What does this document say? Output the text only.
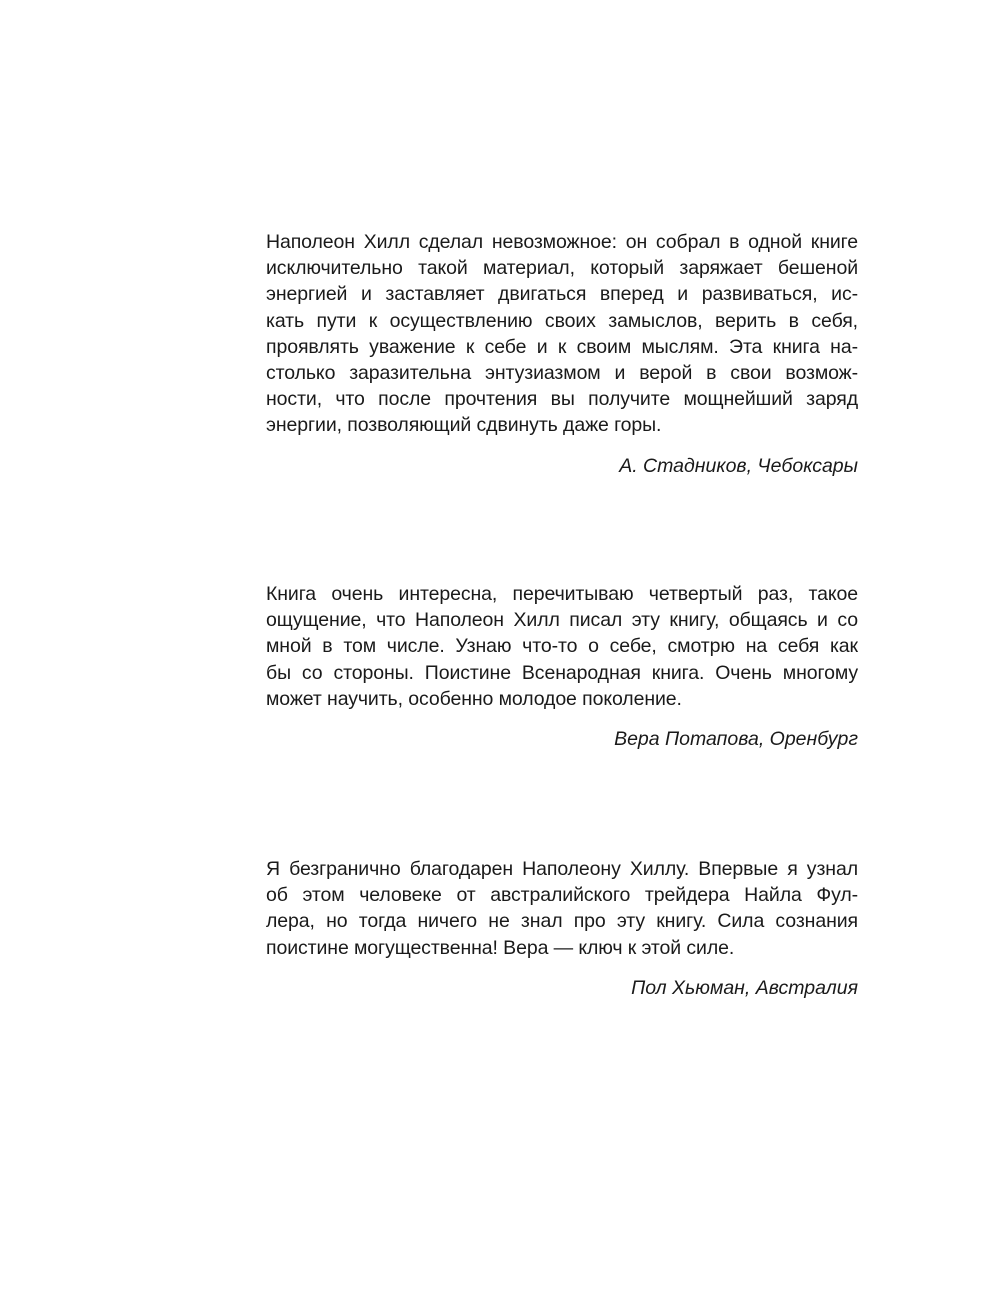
Наполеон Хилл сделал невозможное: он собрал в одной книге
исключительно такой материал, который заряжает бешеной
энергией и заставляет двигаться вперед и развиваться, ис-
кать пути к осуществлению своих замыслов, верить в себя,
проявлять уважение к себе и к своим мыслям. Эта книга на-
столько заразительна энтузиазмом и верой в свои возмож-
ности, что после прочтения вы получите мощнейший заряд
энергии, позволяющий сдвинуть даже горы.

А. Стадников, Чебоксары

Книга очень интересна, перечитываю четвертый раз, такое
ощущение, что Наполеон Хилл писал эту книгу, общаясь и со
мной в том числе. Узнаю что-то о себе, смотрю на себя как
бы со стороны. Поистине Всенародная книга. Очень многому
может научить, особенно молодое поколение.

Вера Потапова, Оренбург

Я безгранично благодарен Наполеону Хиллу. Впервые я узнал
об этом человеке от австралийского трейдера Найла Фул-
лера, но тогда ничего не знал про эту книгу. Сила сознания
поистине могущественна! Вера — ключ к этой силе.

Пол Хьюман, Австралия
